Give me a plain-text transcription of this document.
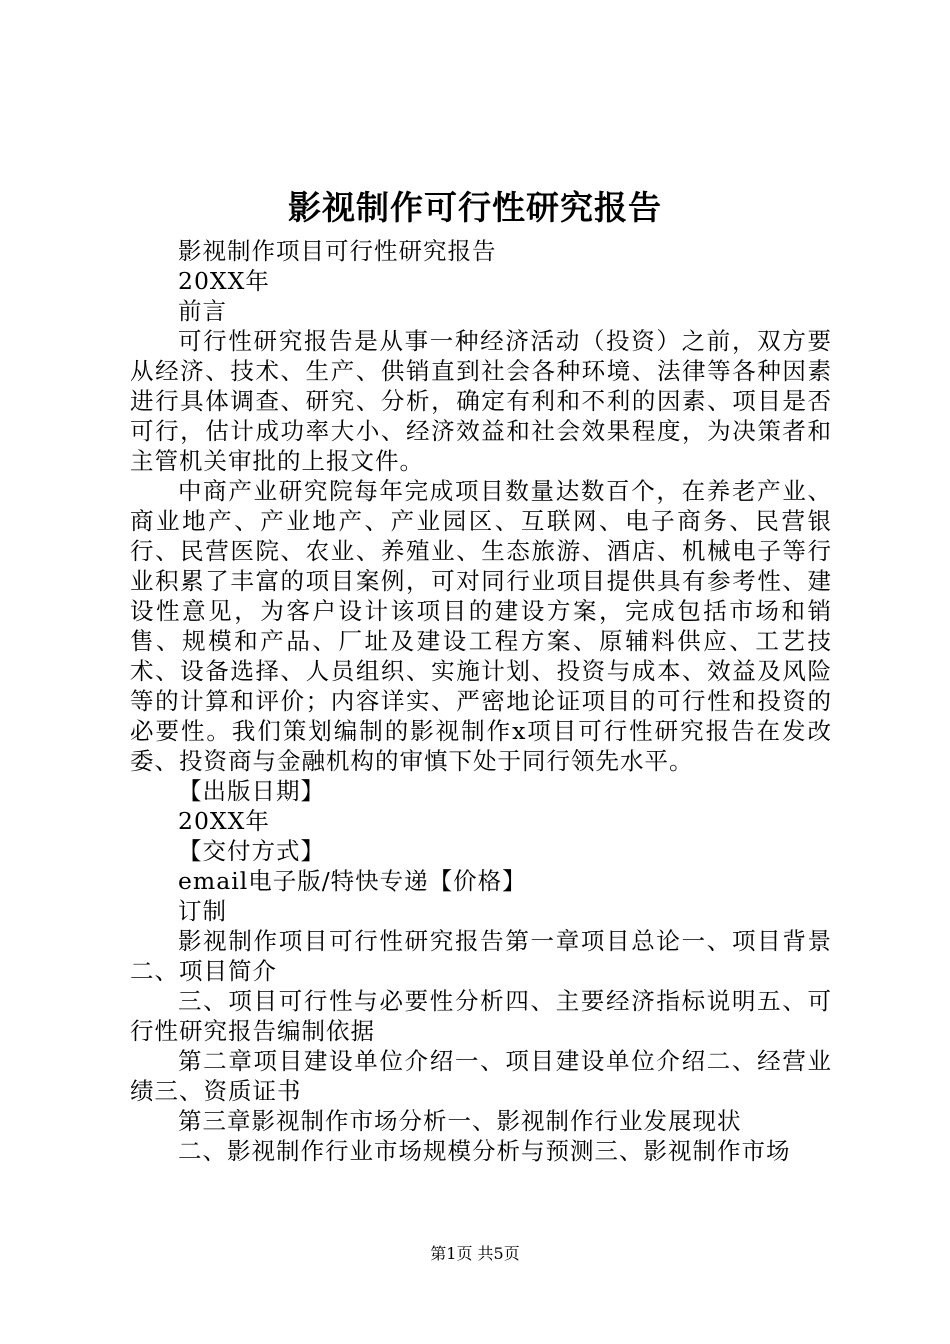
影视制作可行性研究报告

影视制作项目可行性研究报告

20XX年

前言

可行性研究报告是从事一种经济活动（投资）之前，双方要从经济、技术、生产、供销直到社会各种环境、法律等各种因素进行具体调查、研究、分析，确定有利和不利的因素、项目是否可行，估计成功率大小、经济效益和社会效果程度，为决策者和主管机关审批的上报文件。

中商产业研究院每年完成项目数量达数百个，在养老产业、商业地产、产业地产、产业园区、互联网、电子商务、民营银行、民营医院、农业、养殖业、生态旅游、酒店、机械电子等行业积累了丰富的项目案例，可对同行业项目提供具有参考性、建设性意见，为客户设计该项目的建设方案，完成包括市场和销售、规模和产品、厂址及建设工程方案、原辅料供应、工艺技术、设备选择、人员组织、实施计划、投资与成本、效益及风险等的计算和评价；内容详实、严密地论证项目的可行性和投资的必要性。我们策划编制的影视制作x项目可行性研究报告在发改委、投资商与金融机构的审慎下处于同行领先水平。

【出版日期】

20XX年

【交付方式】

email电子版/特快专递【价格】

订制

影视制作项目可行性研究报告第一章项目总论一、项目背景二、项目简介

三、项目可行性与必要性分析四、主要经济指标说明五、可行性研究报告编制依据

第二章项目建设单位介绍一、项目建设单位介绍二、经营业绩三、资质证书

第三章影视制作市场分析一、影视制作行业发展现状

二、影视制作行业市场规模分析与预测三、影视制作市场

第1页 共5页
